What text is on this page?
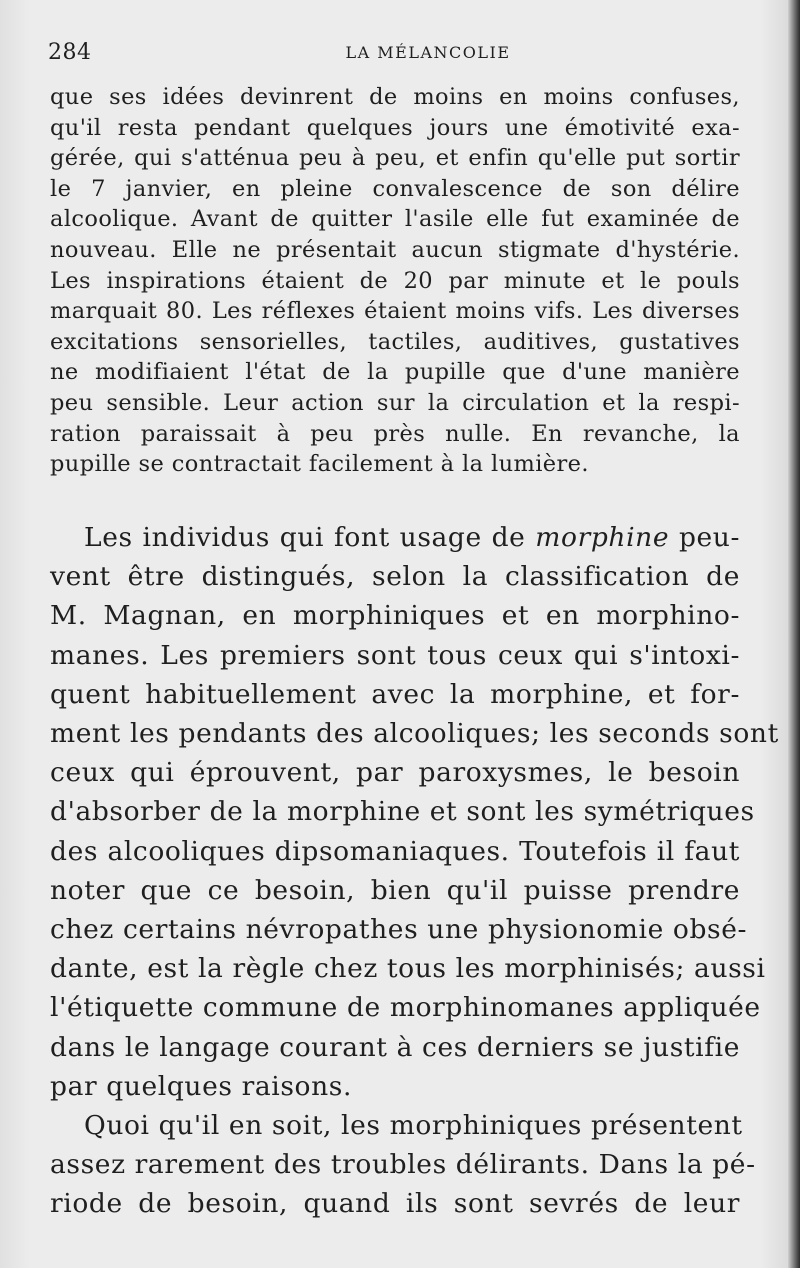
284	LA MÉLANCOLIE
que ses idées devinrent de moins en moins confuses,
qu'il resta pendant quelques jours une émotivité exa-
gérée, qui s'atténua peu à peu, et enfin qu'elle put sortir
le 7 janvier, en pleine convalescence de son délire
alcoolique. Avant de quitter l'asile elle fut examinée de
nouveau. Elle ne présentait aucun stigmate d'hystérie.
Les inspirations étaient de 20 par minute et le pouls
marquait 80. Les réflexes étaient moins vifs. Les diverses
excitations sensorielles, tactiles, auditives, gustatives
ne modifiaient l'état de la pupille que d'une manière
peu sensible. Leur action sur la circulation et la respi-
ration paraissait à peu près nulle. En revanche, la
pupille se contractait facilement à la lumière.
Les individus qui font usage de morphine peu-
vent être distingués, selon la classification de
M. Magnan, en morphiniques et en morphino-
manes. Les premiers sont tous ceux qui s'intoxi-
quent habituellement avec la morphine, et for-
ment les pendants des alcooliques; les seconds sont
ceux qui éprouvent, par paroxysmes, le besoin
d'absorber de la morphine et sont les symétriques
des alcooliques dipsomaniaques. Toutefois il faut
noter que ce besoin, bien qu'il puisse prendre
chez certains névropathes une physionomie obsé-
dante, est la règle chez tous les morphinisés; aussi
l'étiquette commune de morphinomanes appliquée
dans le langage courant à ces derniers se justifie
par quelques raisons.
Quoi qu'il en soit, les morphiniques présentent
assez rarement des troubles délirants. Dans la pé-
riode de besoin, quand ils sont sevrés de leur
